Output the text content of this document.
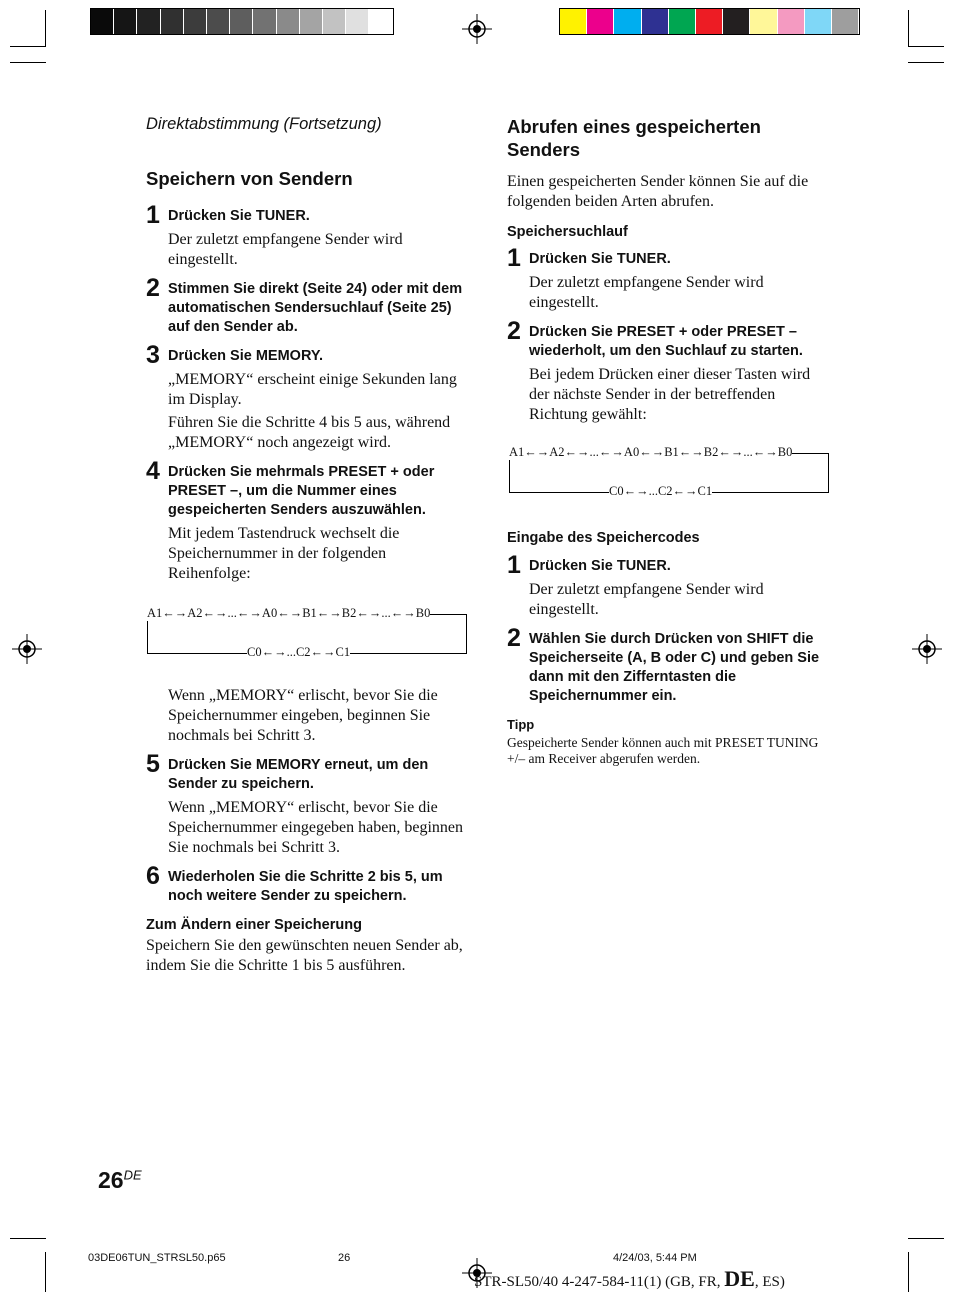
Direktabstimmung (Fortsetzung)
Speichern von Sendern
1 Drücken Sie TUNER.
Der zuletzt empfangene Sender wird eingestellt.
2 Stimmen Sie direkt (Seite 24) oder mit dem automatischen Sendersuchlauf (Seite 25) auf den Sender ab.
3 Drücken Sie MEMORY.
„MEMORY“ erscheint einige Sekunden lang im Display.
Führen Sie die Schritte 4 bis 5 aus, während „MEMORY“ noch angezeigt wird.
4 Drücken Sie mehrmals PRESET + oder PRESET –, um die Nummer eines gespeicherten Senders auszuwählen.
Mit jedem Tastendruck wechselt die Speichernummer in der folgenden Reihenfolge:
A1←→A2←→...←→A0←→B1←→B2←→...←→B0
C0←→...C2←→C1
Wenn „MEMORY“ erlischt, bevor Sie die Speichernummer eingeben, beginnen Sie nochmals bei Schritt 3.
5 Drücken Sie MEMORY erneut, um den Sender zu speichern.
Wenn „MEMORY“ erlischt, bevor Sie die Speichernummer eingegeben haben, beginnen Sie nochmals bei Schritt 3.
6 Wiederholen Sie die Schritte 2 bis 5, um noch weitere Sender zu speichern.
Zum Ändern einer Speicherung
Speichern Sie den gewünschten neuen Sender ab, indem Sie die Schritte 1 bis 5 ausführen.
Abrufen eines gespeicherten Senders
Einen gespeicherten Sender können Sie auf die folgenden beiden Arten abrufen.
Speichersuchlauf
1 Drücken Sie TUNER.
Der zuletzt empfangene Sender wird eingestellt.
2 Drücken Sie PRESET + oder PRESET – wiederholt, um den Suchlauf zu starten.
Bei jedem Drücken einer dieser Tasten wird der nächste Sender in der betreffenden Richtung gewählt:
A1←→A2←→...←→A0←→B1←→B2←→...←→B0
C0←→...C2←→C1
Eingabe des Speichercodes
1 Drücken Sie TUNER.
Der zuletzt empfangene Sender wird eingestellt.
2 Wählen Sie durch Drücken von SHIFT die Speicherseite (A, B oder C) und geben Sie dann mit den Zifferntasten die Speichernummer ein.
Tipp
Gespeicherte Sender können auch mit PRESET TUNING +/– am Receiver abgerufen werden.
26DE
03DE06TUN_STRSL50.p65	26	4/24/03, 5:44 PM
STR-SL50/40 4-247-584-11(1) (GB, FR, DE, ES)
